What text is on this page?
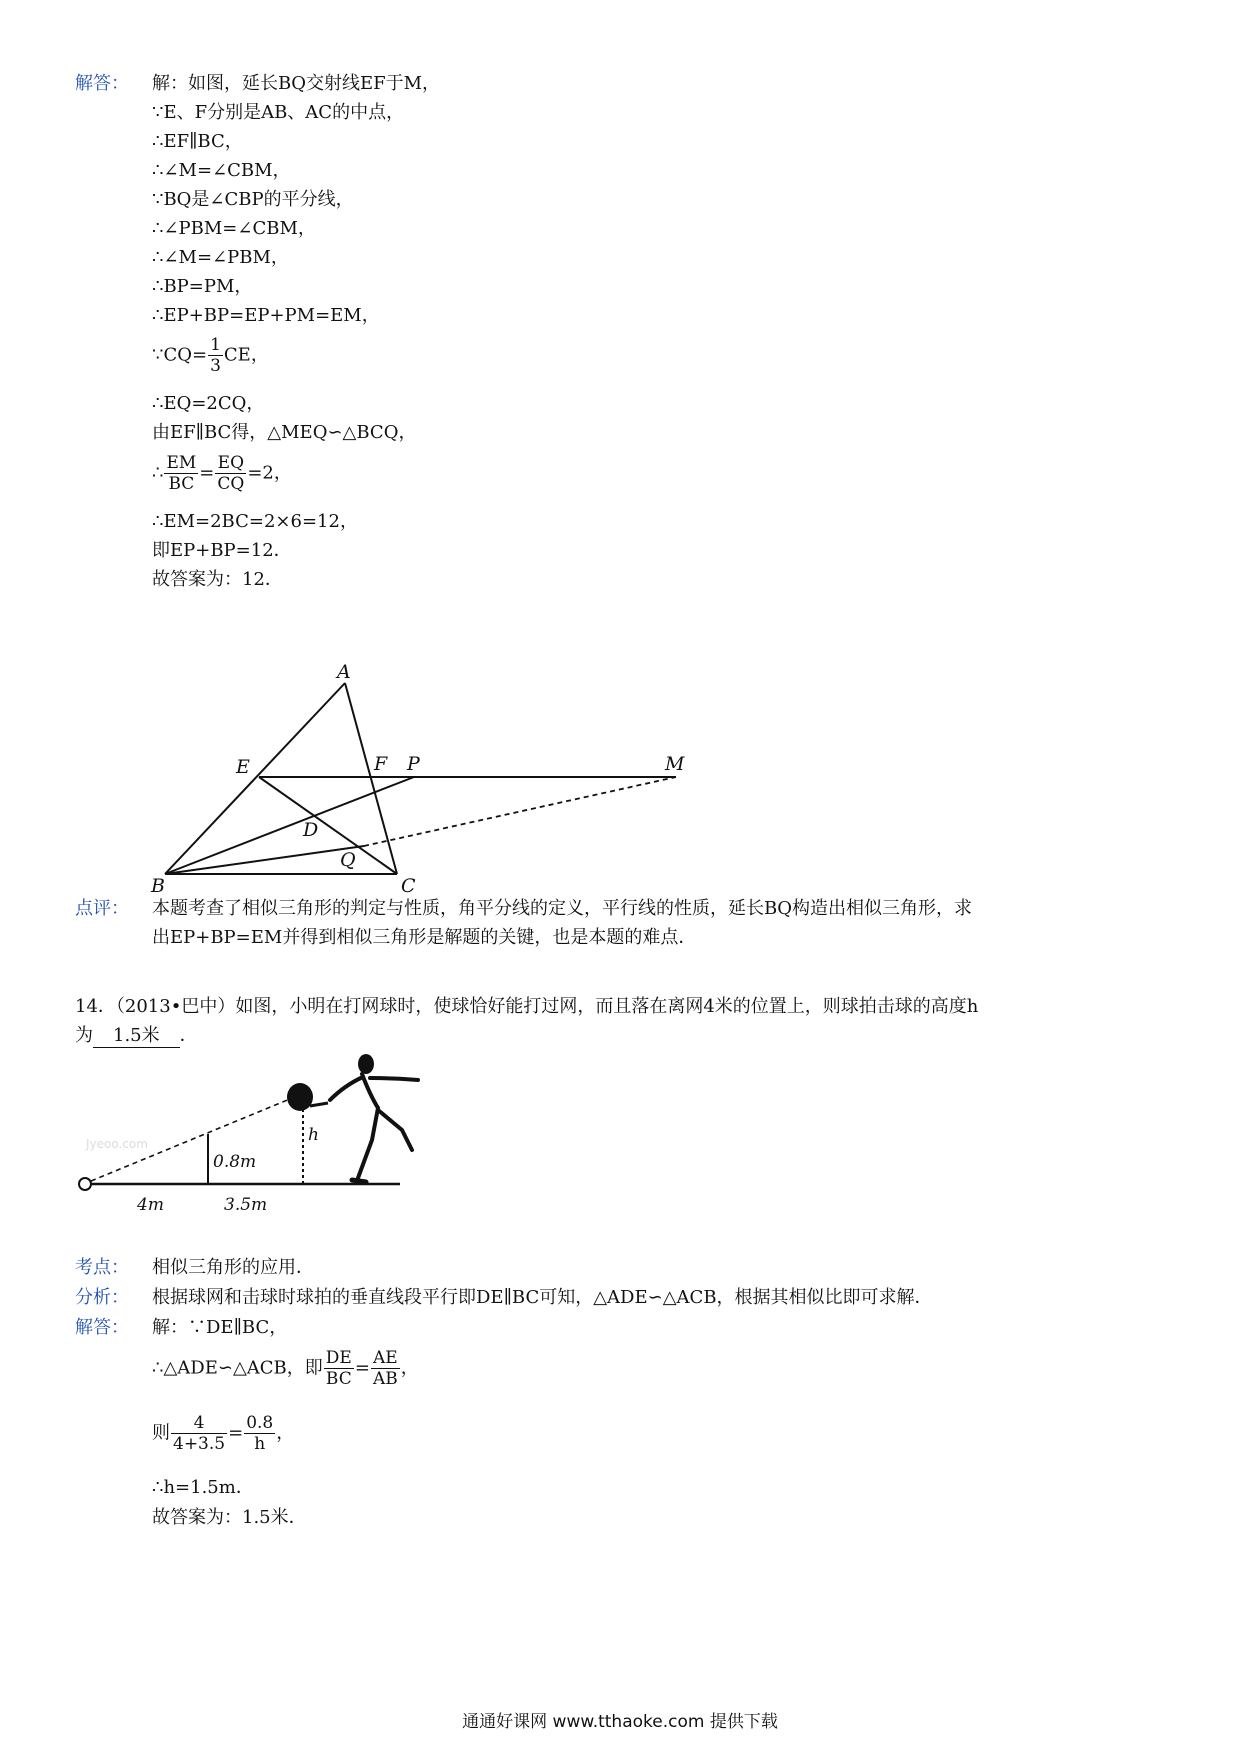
解答： 解：如图，延长BQ交射线EF于M，
∵E、F分别是AB、AC的中点，
∴EF∥BC，
∴∠M=∠CBM，
∵BQ是∠CBP的平分线，
∴∠PBM=∠CBM，
∴∠M=∠PBM，
∴BP=PM，
∴EP+BP=EP+PM=EM，
∵CQ= $\frac{1}{3}$ CE，
∴EQ=2CQ，
由EF∥BC得，△MEQ∽△BCQ，
∴ $\frac{EM}{BC} = \frac{EQ}{CQ} =2$，
∴EM=2BC=2×6=12，
即EP+BP=12．
故答案为：12．
A
E	F P	M
D
Q
B	C
点评： 本题考查了相似三角形的判定与性质，角平分线的定义，平行线的性质，延长BQ构造出相似三角形，求
出EP+BP=EM并得到相似三角形是解题的关键，也是本题的难点．
14．（2013•巴中）如图，小明在打网球时，使球恰好能打过网，而且落在离网4米的位置上，则球拍击球的高度h
为 1.5米 ．
Jyeoo.com
0.8m
h
4m	3.5m
考点： 相似三角形的应用．
分析： 根据球网和击球时球拍的垂直线段平行即DE∥BC可知，△ADE∽△ACB，根据其相似比即可求解．
解答： 解：∵DE∥BC，
∴△ADE∽△ACB，即 $\frac{DE}{BC} = \frac{AE}{AB}$ ，
则 $\frac{4}{4+3.5} = \frac{0.8}{h}$ ，
∴h=1.5m．
故答案为：1.5米．
通通好课网 www.tthaoke.com 提供下载
